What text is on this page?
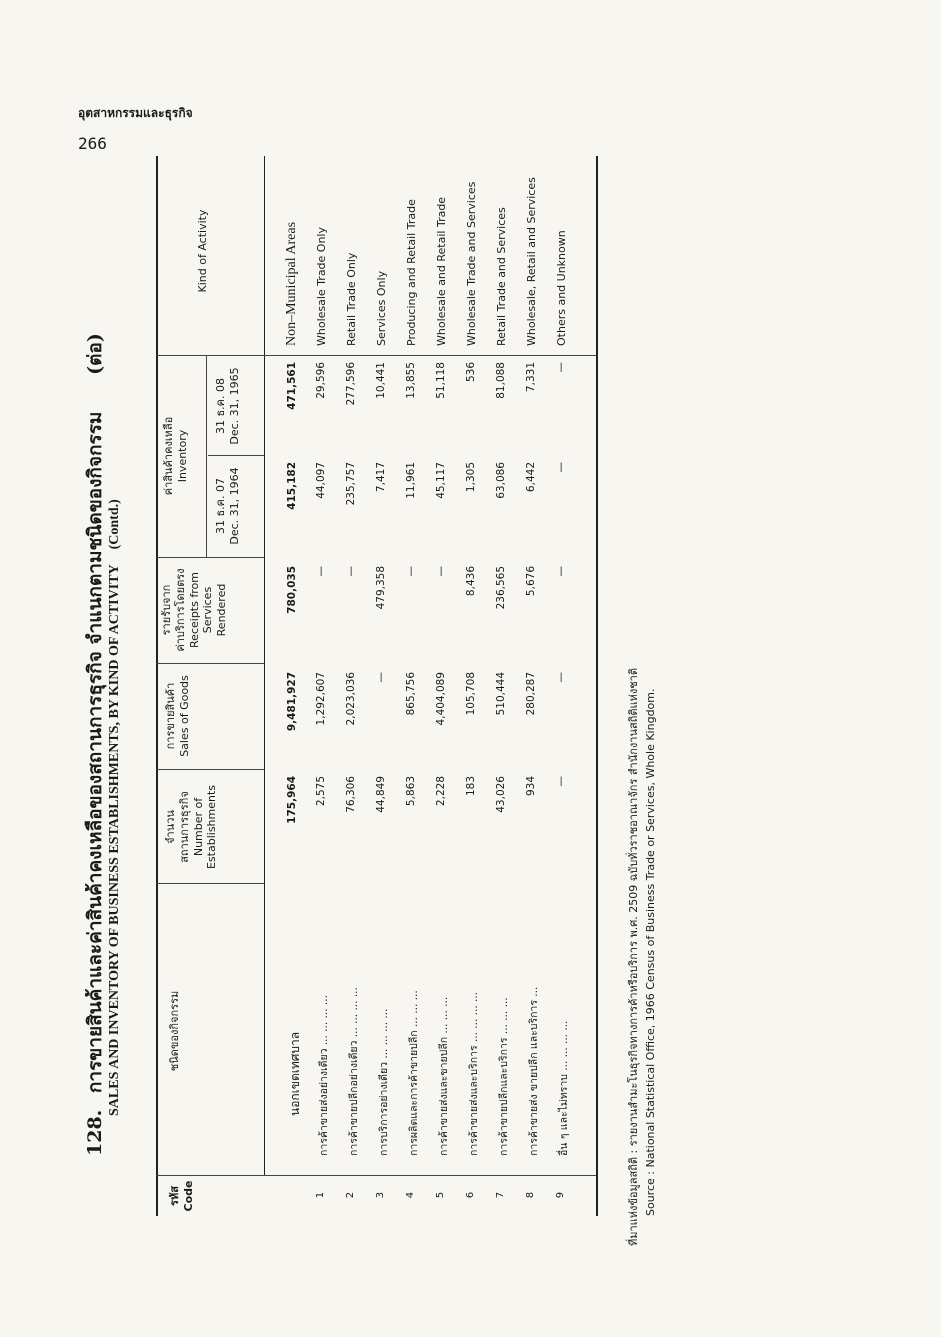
อุตสาหกรรมและธุรกิจ
266
128. การขายสินค้าและค่าสินค้าคงเหลือของสถานการธุรกิจ จำแนกตามชนิดของกิจกรรม (ต่อ)
SALES AND INVENTORY OF BUSINESS ESTABLISHMENTS, BY KIND OF ACTIVITY (Contd.)
รหัส Code
ชนิดของกิจกรรม
จำนวน สถานการธุรกิจ Number of Establishments
การขายสินค้า Sales of Goods
รายรับจาก ค่าบริการโดยตรง Receipts from Services Rendered
ค่าสินค้าคงเหลือ Inventory
31 ธ.ค. 07 Dec. 31, 1964
31 ธ.ค. 08 Dec. 31, 1965
Kind of Activity
นอกเขตเทศบาล
175,964
9,481,927
780,035
415,182
471,561
Non–Municipal Areas
1
การค้าขายส่งอย่างเดียว ... ... ... ...
2,575
1,292,607
—
44,097
29,596
Wholesale Trade Only
2
การค้าขายปลีกอย่างเดียว ... ... ... ...
76,306
2,023,036
—
235,757
277,596
Retail Trade Only
3
การบริการอย่างเดียว ... ... ... ...
44,849
—
479,358
7,417
10,441
Services Only
4
การผลิตและการค้าขายปลีก ... ... ...
5,863
865,756
—
11,961
13,855
Producing and Retail Trade
5
การค้าขายส่งและขายปลีก ... ... ...
2,228
4,404,089
—
45,117
51,118
Wholesale and Retail Trade
6
การค้าขายส่งและบริการ ... ... ... ...
183
105,708
8,436
1,305
536
Wholesale Trade and Services
7
การค้าขายปลีกและบริการ ... ... ...
43,026
510,444
236,565
63,086
81,088
Retail Trade and Services
8
การค้าขายส่ง ขายปลีก และบริการ ...
934
280,287
5,676
6,442
7,331
Wholesale, Retail and Services
9
อื่น ๆ และไม่ทราบ ... ... ... ...
—
—
—
—
—
Others and Unknown
ที่มาแห่งข้อมูลสถิติ : รายงานสำมะโนธุรกิจทางการค้าหรือบริการ พ.ศ. 2509 ฉบับทั่วราชอาณาจักร สำนักงานสถิติแห่งชาติ Source : National Statistical Office, 1966 Census of Business Trade or Services, Whole Kingdom.
